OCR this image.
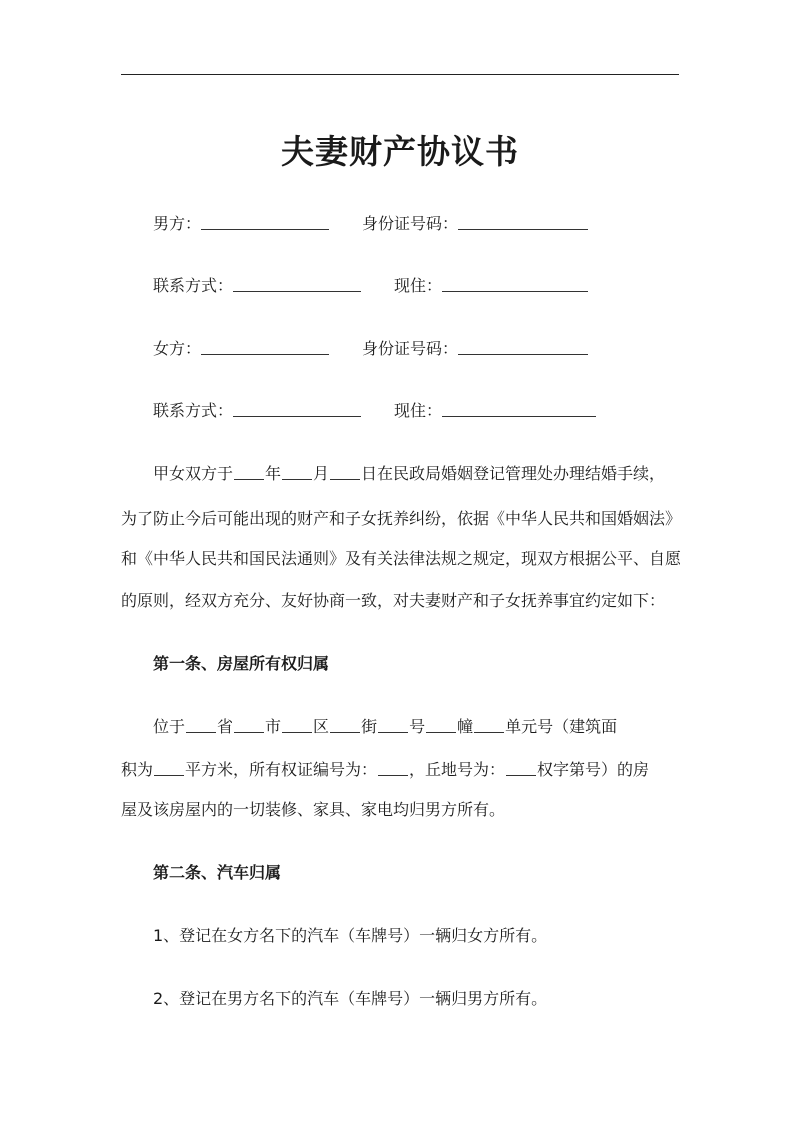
夫妻财产协议书
男方：	身份证号码：
联系方式：	现住：
女方：	身份证号码：
联系方式：	现住：
甲女双方于 年 月 日在民政局婚姻登记管理处办理结婚手续，
为了防止今后可能出现的财产和子女抚养纠纷，依据《中华人民共和国婚姻法》
和《中华人民共和国民法通则》及有关法律法规之规定，现双方根据公平、自愿
的原则，经双方充分、友好协商一致，对夫妻财产和子女抚养事宜约定如下：
第一条、房屋所有权归属
位于 省 市 区 街 号 幢 单元号（建筑面
积为 平方米，所有权证编号为： ，丘地号为： 权字第号）的房
屋及该房屋内的一切装修、家具、家电均归男方所有。
第二条、汽车归属
1、登记在女方名下的汽车（车牌号）一辆归女方所有。
2、登记在男方名下的汽车（车牌号）一辆归男方所有。
